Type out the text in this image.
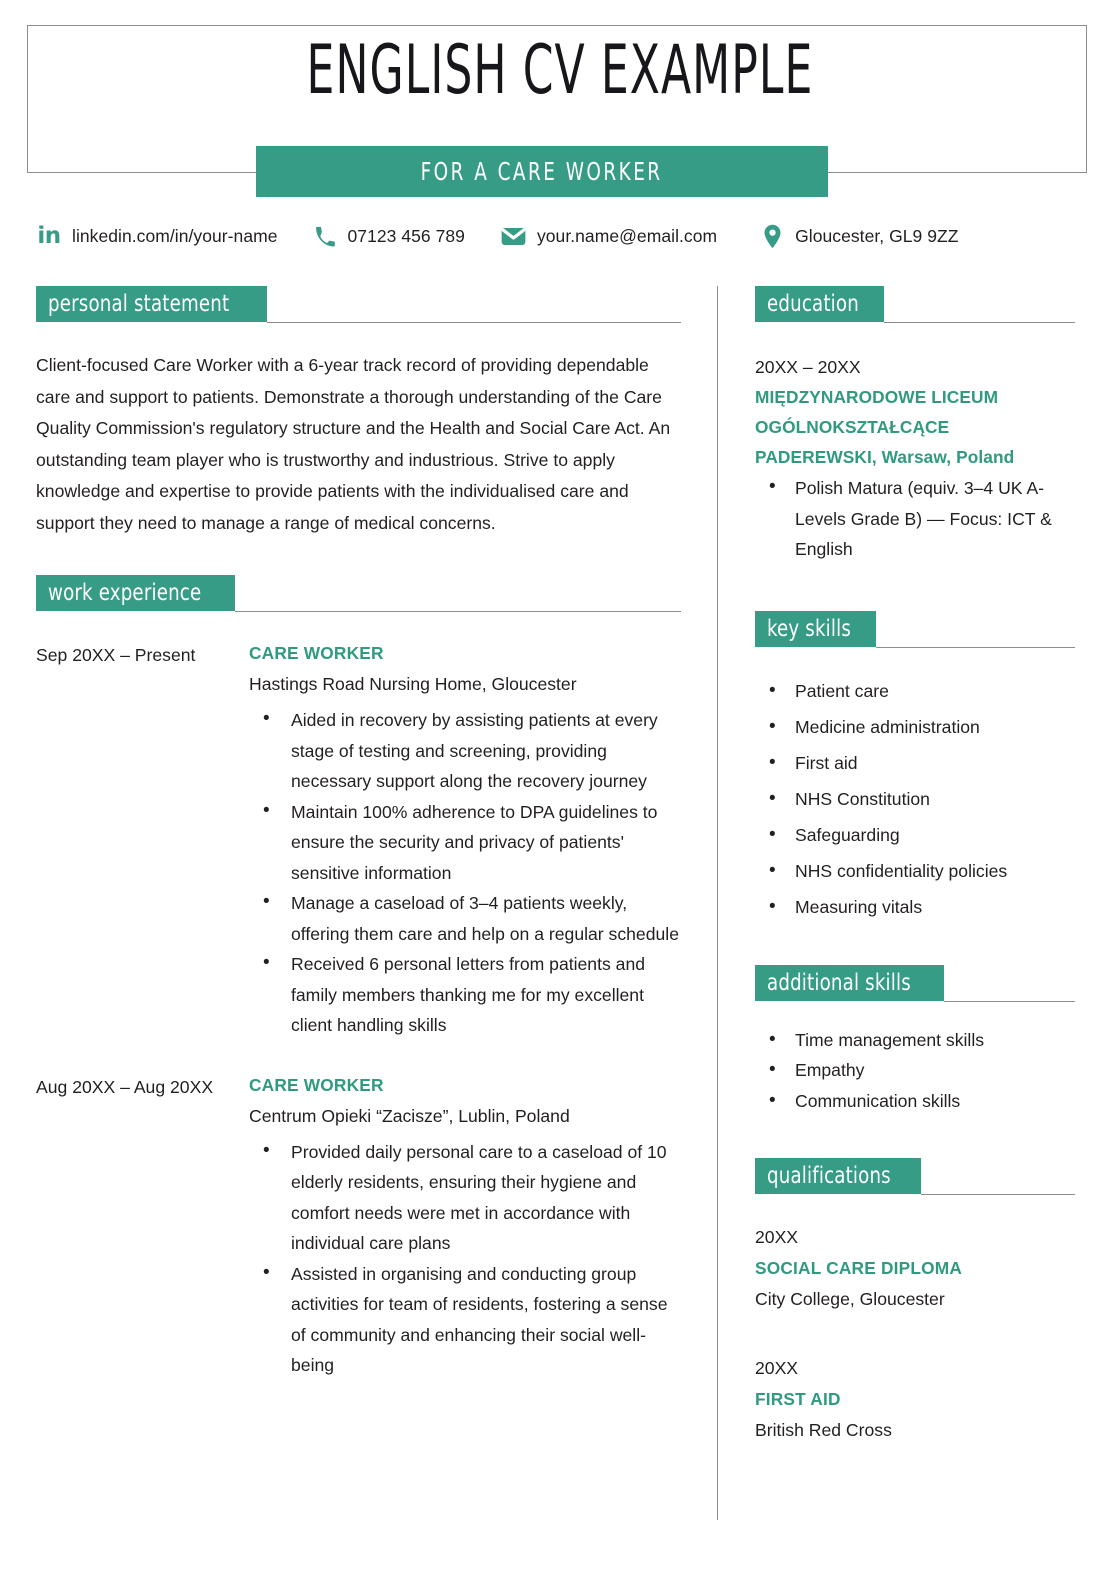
ENGLISH CV EXAMPLE
FOR A CARE WORKER
in linkedin.com/in/your-name	07123 456 789	your.name@email.com	Gloucester, GL9 9ZZ
personal statement

Client-focused Care Worker with a 6-year track record of providing dependable care and support to patients. Demonstrate a thorough understanding of the Care Quality Commission's regulatory structure and the Health and Social Care Act. An outstanding team player who is trustworthy and industrious. Strive to apply knowledge and expertise to provide patients with the individualised care and support they need to manage a range of medical concerns.

work experience
Sep 20XX – Present	CARE WORKER
Hastings Road Nursing Home, Gloucester
• Aided in recovery by assisting patients at every stage of testing and screening, providing necessary support along the recovery journey
• Maintain 100% adherence to DPA guidelines to ensure the security and privacy of patients' sensitive information
• Manage a caseload of 3–4 patients weekly, offering them care and help on a regular schedule
• Received 6 personal letters from patients and family members thanking me for my excellent client handling skills
Aug 20XX – Aug 20XX	CARE WORKER
Centrum Opieki “Zacisze”, Lublin, Poland
• Provided daily personal care to a caseload of 10 elderly residents, ensuring their hygiene and comfort needs were met in accordance with individual care plans
• Assisted in organising and conducting group activities for team of residents, fostering a sense of community and enhancing their social well-being
education
20XX – 20XX
MIĘDZYNARODOWE LICEUM OGÓLNOKSZTAŁCĄCE PADEREWSKI, Warsaw, Poland
• Polish Matura (equiv. 3–4 UK A-Levels Grade B) — Focus: ICT & English
key skills
• Patient care
• Medicine administration
• First aid
• NHS Constitution
• Safeguarding
• NHS confidentiality policies
• Measuring vitals
additional skills
• Time management skills
• Empathy
• Communication skills
qualifications
20XX
SOCIAL CARE DIPLOMA
City College, Gloucester
20XX
FIRST AID
British Red Cross
